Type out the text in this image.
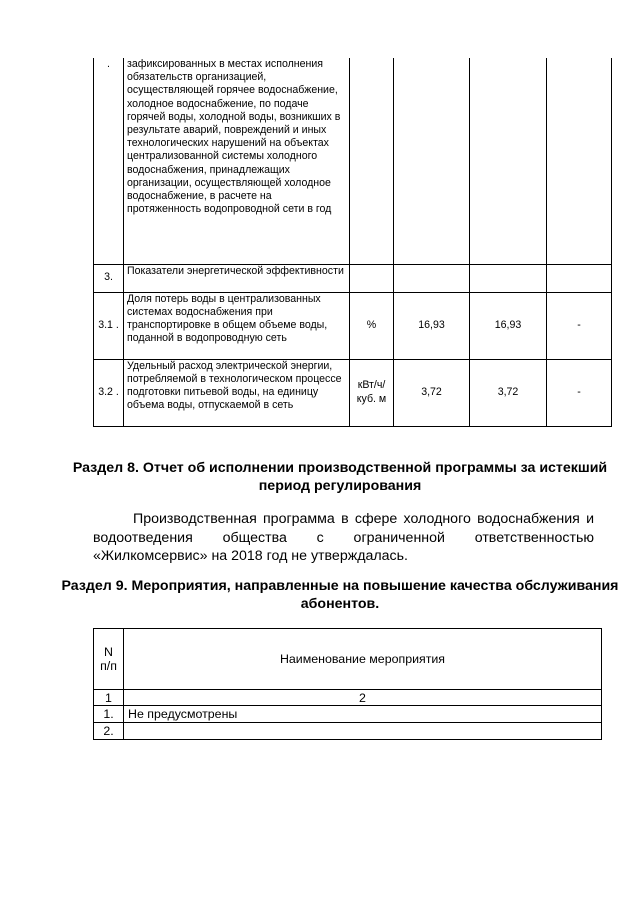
.	зафиксированных в местах исполнения обязательств организацией, осуществляющей горячее водоснабжение, холодное водоснабжение, по подаче горячей воды, холодной воды, возникших в результате аварий, повреждений и иных технологических нарушений на объектах централизованной системы холодного водоснабжения, принадлежащих организации, осуществляющей холодное водоснабжение, в расчете на протяженность водопроводной сети в год				
3.	Показатели энергетической эффективности				
3.1 .	Доля потерь воды в централизованных системах водоснабжения при транспортировке в общем объеме воды, поданной в водопроводную сеть	%	16,93	16,93	-
3.2 .	Удельный расход электрической энергии, потребляемой в технологическом процессе подготовки питьевой воды, на единицу объема воды, отпускаемой в сеть	кВт/ч/ куб. м	3,72	3,72	-
Раздел 8. Отчет об исполнении производственной программы за истекший период регулирования
Производственная программа в сфере холодного водоснабжения и водоотведения общества с ограниченной ответственностью «Жилкомсервис» на 2018 год не утверждалась.
Раздел 9. Мероприятия, направленные на повышение качества обслуживания абонентов.
N п/п	Наименование мероприятия
1	2
1.	Не предусмотрены
2.	
